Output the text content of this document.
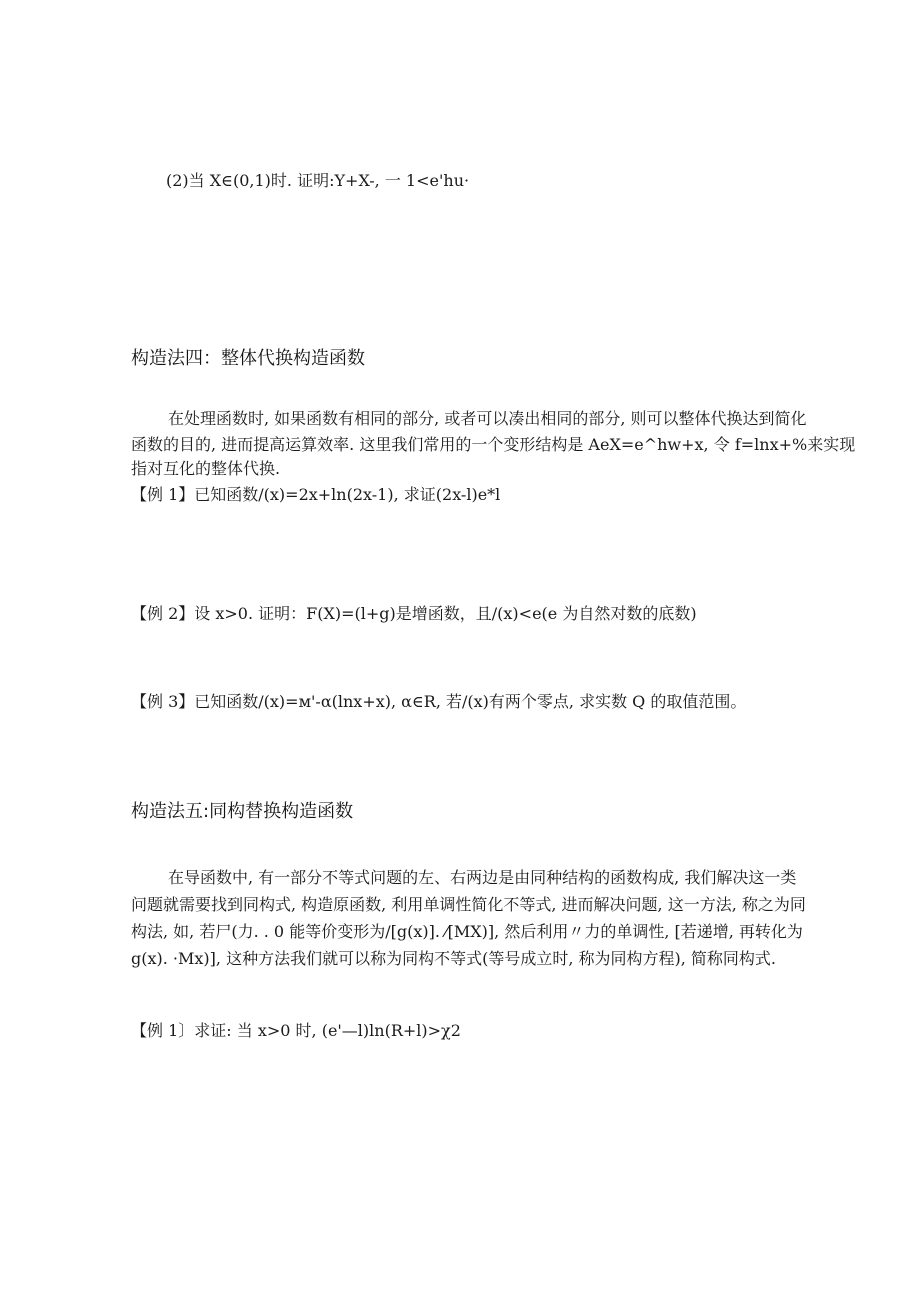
(2)当 X∈(0,1)时. 证明:Y+X-, 一 1<e'hu·
构造法四：整体代换构造函数
在处理函数时, 如果函数有相同的部分, 或者可以凑出相同的部分, 则可以整体代换达到简化
函数的目的, 进而提高运算效率. 这里我们常用的一个变形结构是 AeX=e^hw+x, 令 f=lnx+%来实现
指对互化的整体代换.
【例 1】已知函数/(x)=2x+ln(2x-1), 求证(2x-l)e*l
【例 2】设 x>0. 证明：F(X)=(l+g)是增函数，且/(x)<e(e 为自然对数的底数)
【例 3】已知函数/(x)=м'-α(lnx+x), α∈R, 若/(x)有两个零点, 求实数 Q 的取值范围。
构造法五:同构替换构造函数
在导函数中, 有一部分不等式问题的左、右两边是由同种结构的函数构成, 我们解决这一类
问题就需要找到同构式, 构造原函数, 利用单调性简化不等式, 进而解决问题, 这一方法, 称之为同
构法, 如, 若尸(力. . 0 能等价变形为/[g(x)]. ⁄[MX)], 然后利用〃力的单调性, [若递增, 再转化为
g(x). ·Mx)], 这种方法我们就可以称为同构不等式(等号成立时, 称为同构方程), 简称同构式.
【例 1〕求证: 当 x>0 时, (e'—l)ln(R+l)>χ2
